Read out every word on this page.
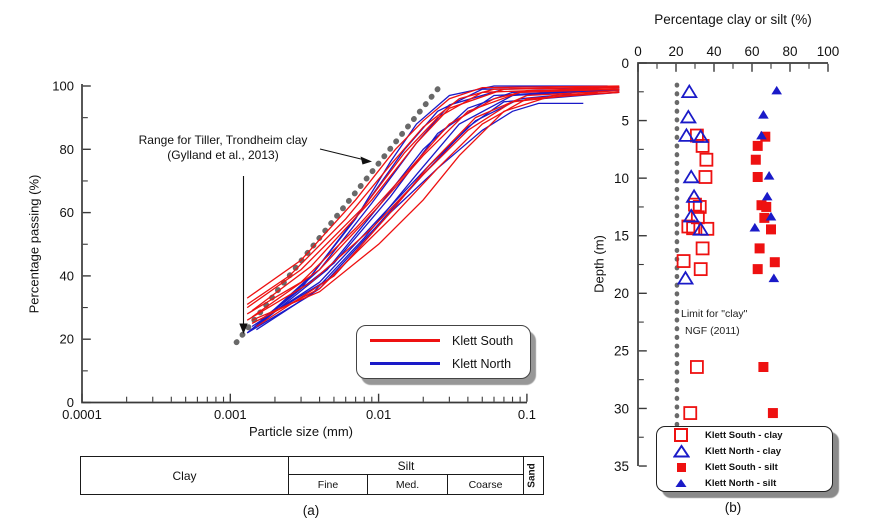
0
20
40
60
80
100
0.0001	0.001	0.01	0.1
0 20 40 60 80 100
0
5
10
15
20
25
30
35
Percentage passing (%)
Particle size (mm)
Range for Tiller, Trondheim clay
(Gylland et al., 2013)
Klett South
Klett North
Clay
Silt
Fine	Med.	Coarse	Sand
(a)
Percentage clay or silt (%)
Depth (m)
Limit for "clay"
NGF (2011)
Klett South - clay
Klett North - clay
Klett South - silt
Klett North - silt
(b)
